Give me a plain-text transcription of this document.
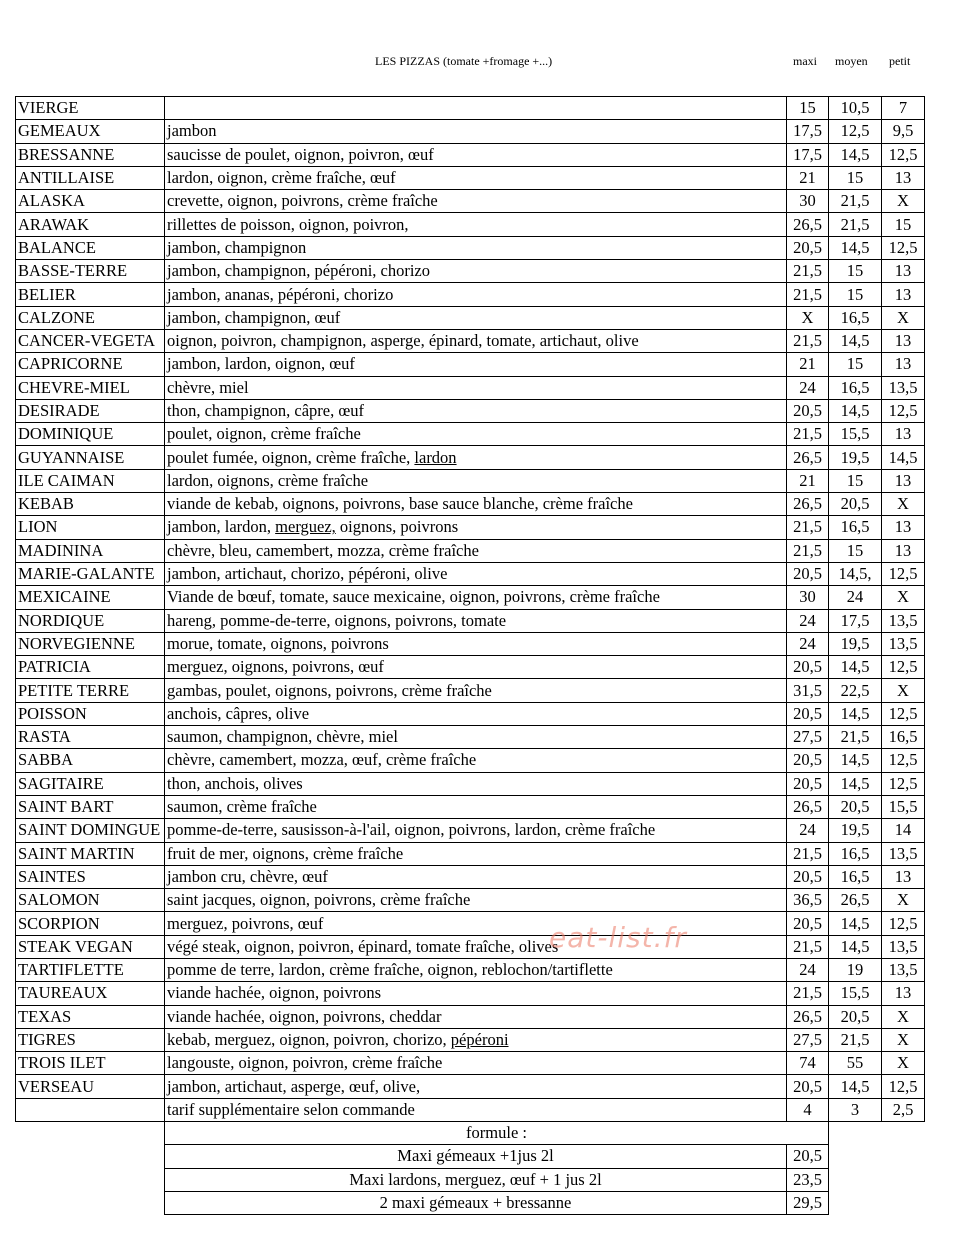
LES PIZZAS (tomate +fromage +...)	maxi moyen petit
VIERGE		15	10,5	7
GEMEAUX	jambon	17,5	12,5	9,5
BRESSANNE	saucisse de poulet, oignon, poivron, œuf	17,5	14,5	12,5
ANTILLAISE	lardon, oignon, crème fraîche, œuf	21	15	13
ALASKA	crevette, oignon, poivrons, crème fraîche	30	21,5	X
ARAWAK	rillettes de poisson, oignon, poivron,	26,5	21,5	15
BALANCE	jambon, champignon	20,5	14,5	12,5
BASSE-TERRE	jambon, champignon, pépéroni, chorizo	21,5	15	13
BELIER	jambon, ananas, pépéroni, chorizo	21,5	15	13
CALZONE	jambon, champignon, œuf	X	16,5	X
CANCER-VEGETA	oignon, poivron, champignon, asperge, épinard, tomate, artichaut, olive	21,5	14,5	13
CAPRICORNE	jambon, lardon, oignon, œuf	21	15	13
CHEVRE-MIEL	chèvre, miel	24	16,5	13,5
DESIRADE	thon, champignon, câpre, œuf	20,5	14,5	12,5
DOMINIQUE	poulet, oignon, crème fraîche	21,5	15,5	13
GUYANNAISE	poulet fumée, oignon, crème fraîche, lardon	26,5	19,5	14,5
ILE CAIMAN	lardon, oignons, crème fraîche	21	15	13
KEBAB	viande de kebab, oignons, poivrons, base sauce blanche, crème fraîche	26,5	20,5	X
LION	jambon, lardon, merguez, oignons, poivrons	21,5	16,5	13
MADININA	chèvre, bleu, camembert, mozza, crème fraîche	21,5	15	13
MARIE-GALANTE	jambon, artichaut, chorizo, pépéroni, olive	20,5	14,5,	12,5
MEXICAINE	Viande de bœuf, tomate, sauce mexicaine, oignon, poivrons, crème fraîche	30	24	X
NORDIQUE	hareng, pomme-de-terre, oignons, poivrons, tomate	24	17,5	13,5
NORVEGIENNE	morue, tomate, oignons, poivrons	24	19,5	13,5
PATRICIA	merguez, oignons, poivrons, œuf	20,5	14,5	12,5
PETITE TERRE	gambas, poulet, oignons, poivrons, crème fraîche	31,5	22,5	X
POISSON	anchois, câpres, olive	20,5	14,5	12,5
RASTA	saumon, champignon, chèvre, miel	27,5	21,5	16,5
SABBA	chèvre, camembert, mozza, œuf, crème fraîche	20,5	14,5	12,5
SAGITAIRE	thon, anchois, olives	20,5	14,5	12,5
SAINT BART	saumon, crème fraîche	26,5	20,5	15,5
SAINT DOMINGUE	pomme-de-terre, sausisson-à-l'ail, oignon, poivrons, lardon, crème fraîche	24	19,5	14
SAINT MARTIN	fruit de mer, oignons, crème fraîche	21,5	16,5	13,5
SAINTES	jambon cru, chèvre, œuf	20,5	16,5	13
SALOMON	saint jacques, oignon, poivrons, crème fraîche	36,5	26,5	X
SCORPION	merguez, poivrons, œuf	20,5	14,5	12,5
STEAK VEGAN	végé steak, oignon, poivron, épinard, tomate fraîche, olives	21,5	14,5	13,5
TARTIFLETTE	pomme de terre, lardon, crème fraîche, oignon, reblochon/tartiflette	24	19	13,5
TAUREAUX	viande hachée, oignon, poivrons	21,5	15,5	13
TEXAS	viande hachée, oignon, poivrons, cheddar	26,5	20,5	X
TIGRES	kebab, merguez, oignon, poivron, chorizo, pépéroni	27,5	21,5	X
TROIS ILET	langouste, oignon, poivron, crème fraîche	74	55	X
VERSEAU	jambon, artichaut, asperge, œuf, olive,	20,5	14,5	12,5
	tarif supplémentaire selon commande	4	3	2,5
formule :	
Maxi gémeaux +1jus 2l	20,5
Maxi lardons, merguez, œuf + 1 jus 2l	23,5
2 maxi gémeaux + bressanne	29,5
eat-list.fr
